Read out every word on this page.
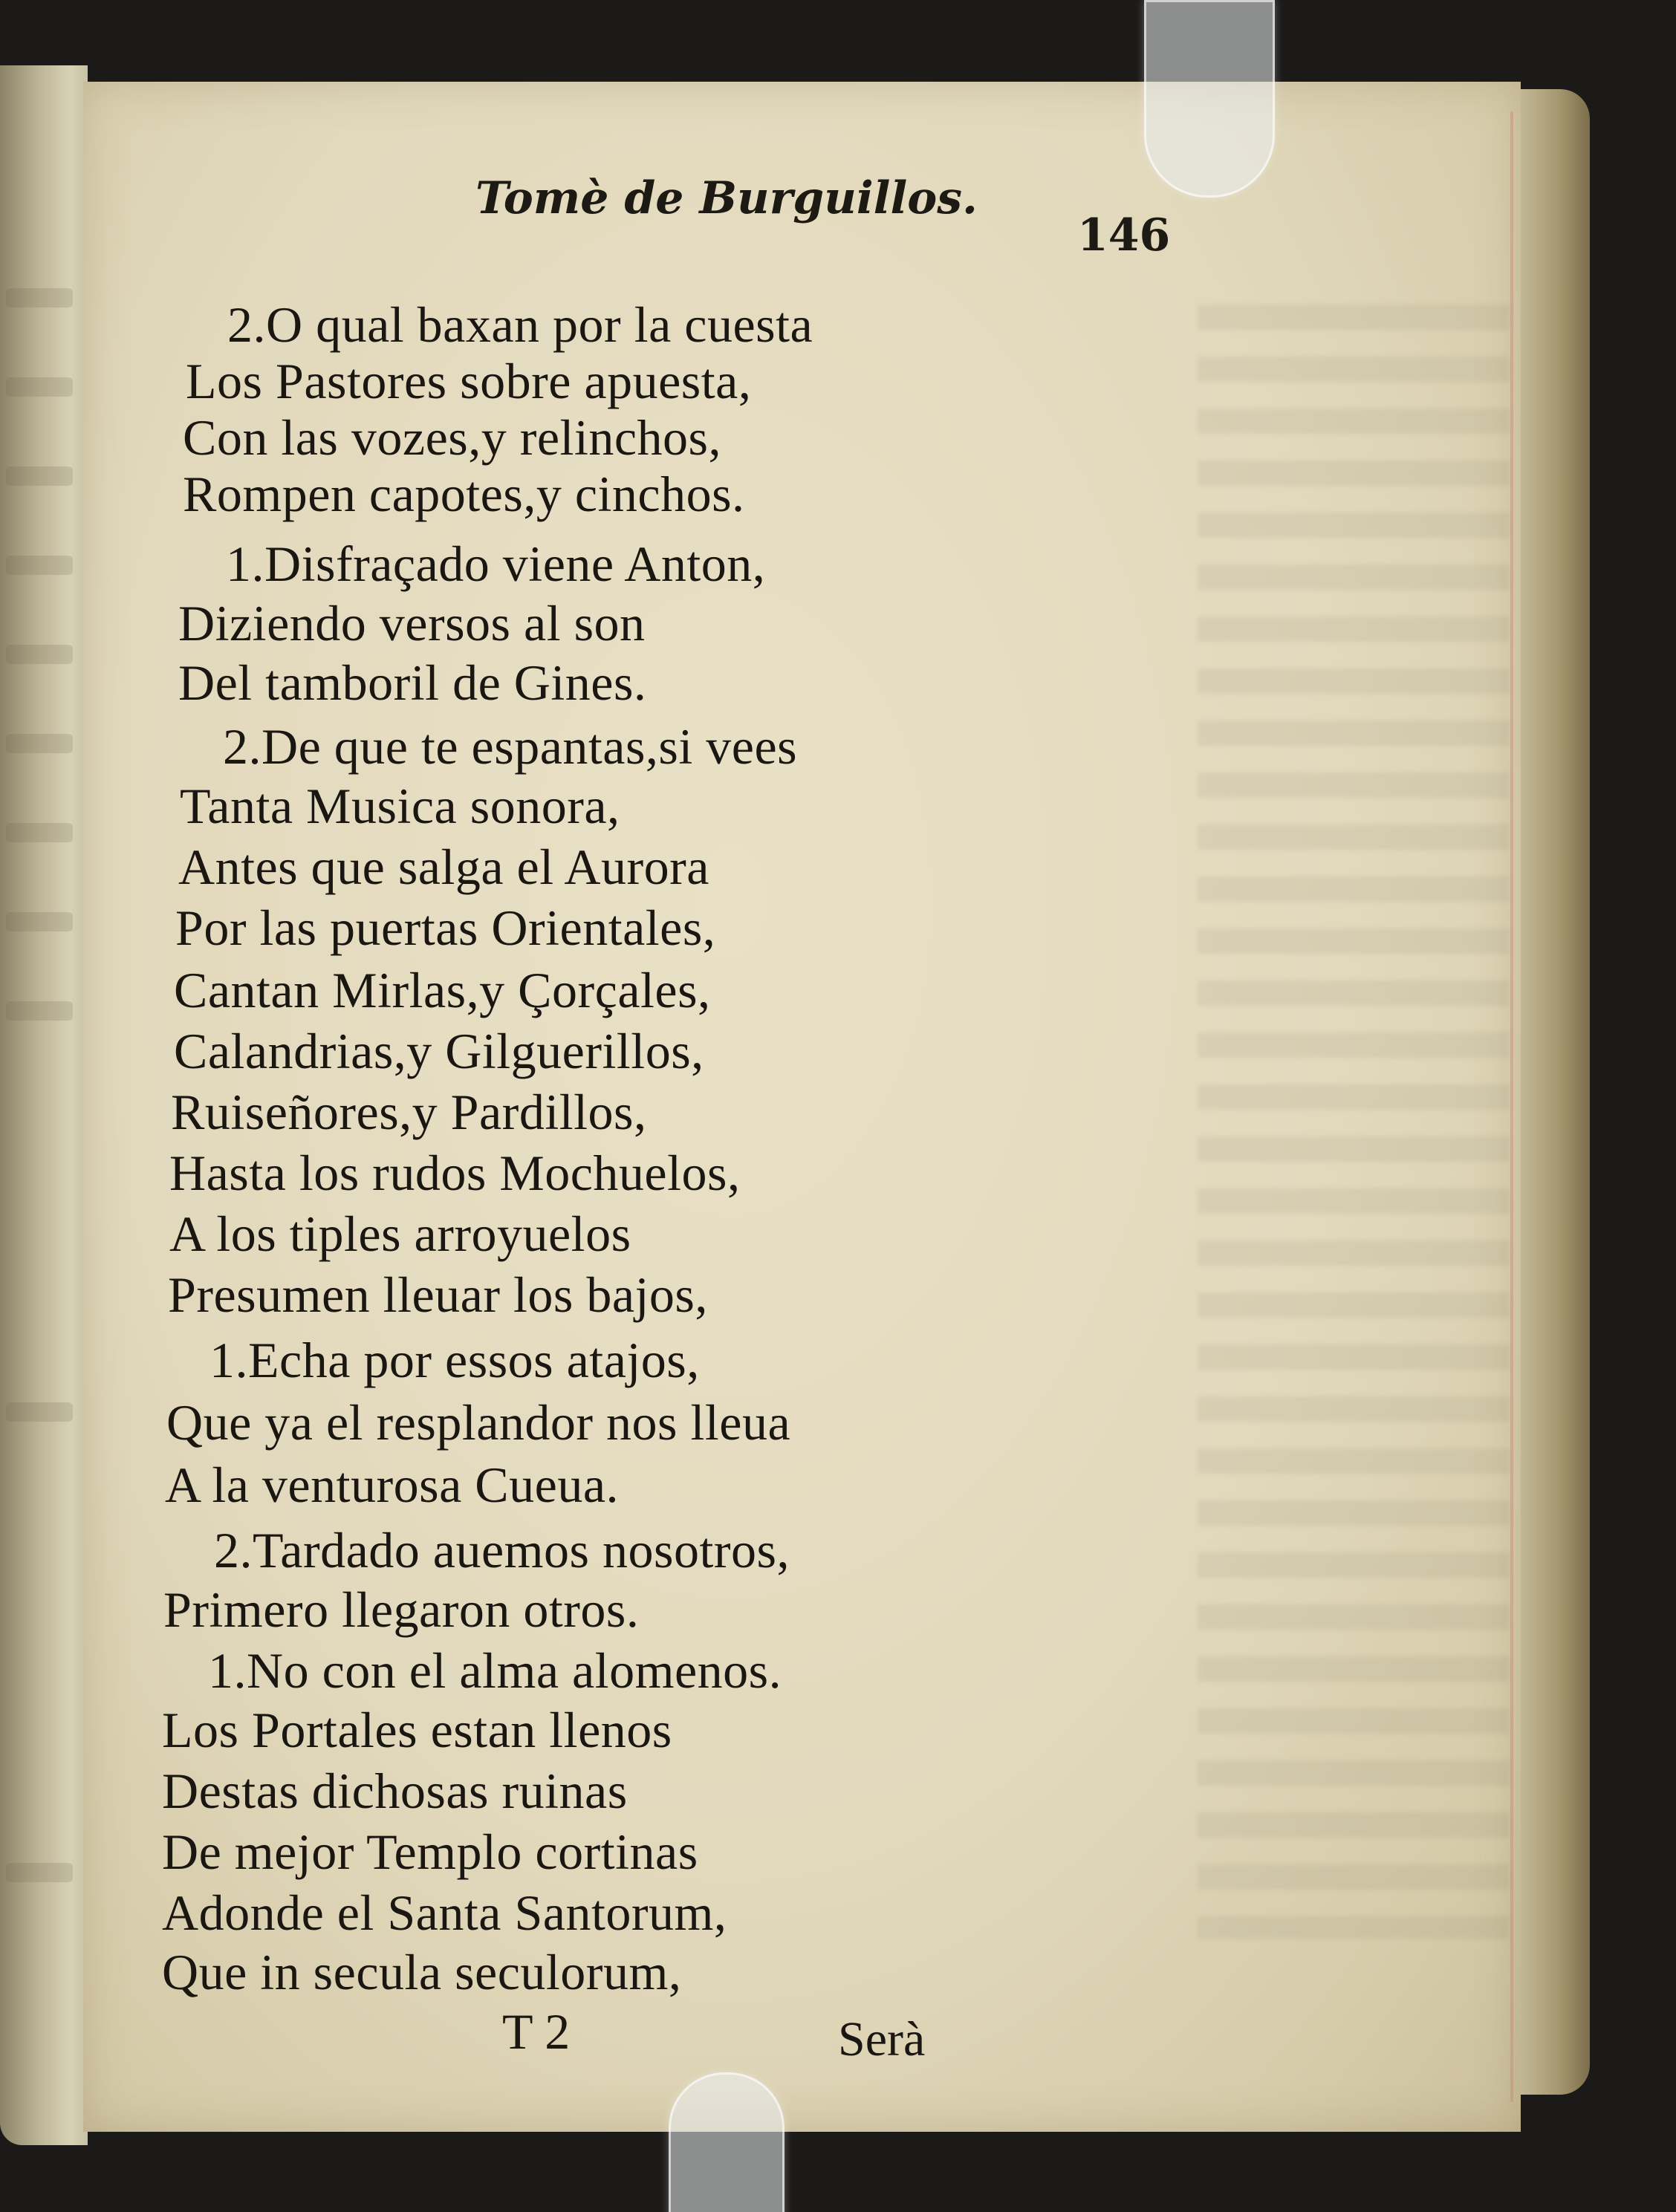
Tomè de Burguillos.
146
2.O qual baxan por la cuesta
Los Pastores sobre apuesta,
Con las vozes,y relinchos,
Rompen capotes,y cinchos.
1.Disfraçado viene Anton,
Diziendo versos al son
Del tamboril de Gines.
2.De que te espantas,si vees
Tanta Musica sonora,
Antes que salga el Aurora
Por las puertas Orientales,
Cantan Mirlas,y Çorçales,
Calandrias,y Gilguerillos,
Ruiseñores,y Pardillos,
Hasta los rudos Mochuelos,
A los tiples arroyuelos
Presumen lleuar los bajos,
1.Echa por essos atajos,
Que ya el resplandor nos lleua
A la venturosa Cueua.
2.Tardado auemos nosotros,
Primero llegaron otros.
1.No con el alma alomenos.
Los Portales estan llenos
Destas dichosas ruinas
De mejor Templo cortinas
Adonde el Santa Santorum,
Que in secula seculorum,
T 2	Serà
